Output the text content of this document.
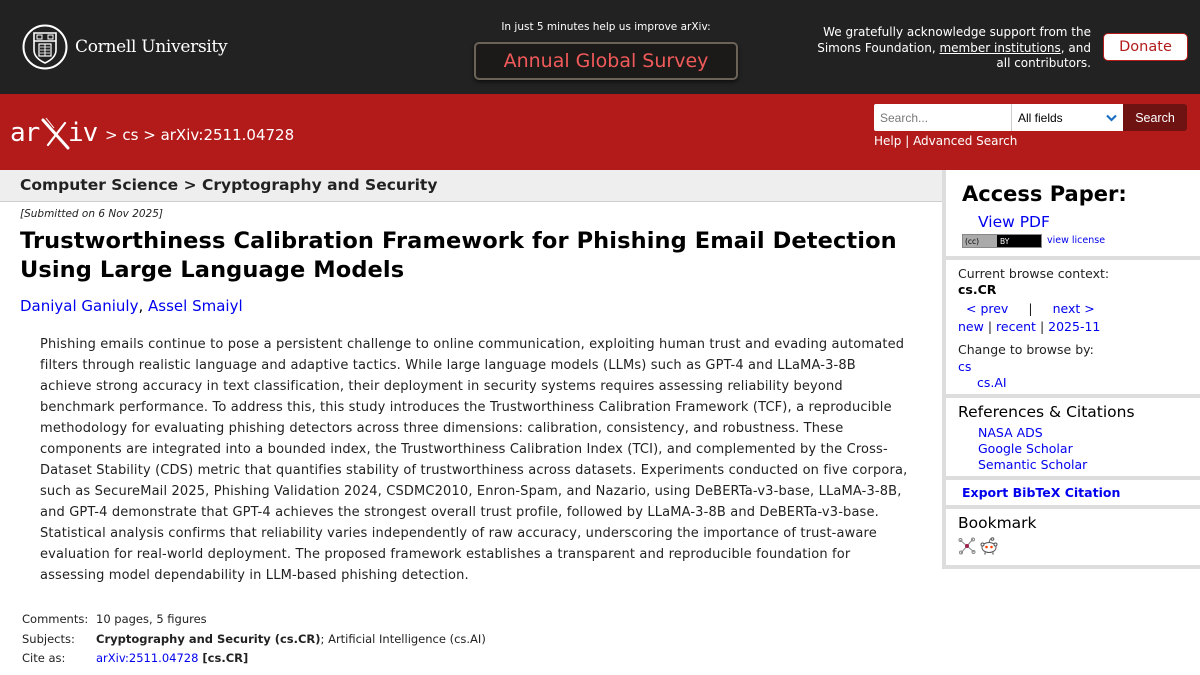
Cornell University
In just 5 minutes help us improve arXiv:
Annual Global Survey
We gratefully acknowledge support from the
Simons Foundation, member institutions, and
all contributors.
Donate
ar iv > cs > arXiv:2511.04728
Search...
All fields	Search
Help | Advanced Search
Computer Science > Cryptography and Security
[Submitted on 6 Nov 2025]
Trustworthiness Calibration Framework for Phishing Email Detection Using Large Language Models
Daniyal Ganiuly, Assel Smaiyl
Phishing emails continue to pose a persistent challenge to online communication, exploiting human trust and evading automated filters through realistic language and adaptive tactics. While large language models (LLMs) such as GPT-4 and LLaMA-3-8B achieve strong accuracy in text classification, their deployment in security systems requires assessing reliability beyond benchmark performance. To address this, this study introduces the Trustworthiness Calibration Framework (TCF), a reproducible methodology for evaluating phishing detectors across three dimensions: calibration, consistency, and robustness. These components are integrated into a bounded index, the Trustworthiness Calibration Index (TCI), and complemented by the Cross-Dataset Stability (CDS) metric that quantifies stability of trustworthiness across datasets. Experiments conducted on five corpora, such as SecureMail 2025, Phishing Validation 2024, CSDMC2010, Enron-Spam, and Nazario, using DeBERTa-v3-base, LLaMA-3-8B, and GPT-4 demonstrate that GPT-4 achieves the strongest overall trust profile, followed by LLaMA-3-8B and DeBERTa-v3-base. Statistical analysis confirms that reliability varies independently of raw accuracy, underscoring the importance of trust-aware evaluation for real-world deployment. The proposed framework establishes a transparent and reproducible foundation for assessing model dependability in LLM-based phishing detection.
Comments: 10 pages, 5 figures
Subjects:	Cryptography and Security (cs.CR); Artificial Intelligence (cs.AI)
Cite as:	arXiv:2511.04728 [cs.CR]
Access Paper:
View PDF
(cc)	BY	view license
Current browse context:
cs.CR
< prev | next >
new | recent | 2025-11
Change to browse by:
cs
cs.AI
References & Citations
NASA ADS
Google Scholar
Semantic Scholar
Export BibTeX Citation
Bookmark
